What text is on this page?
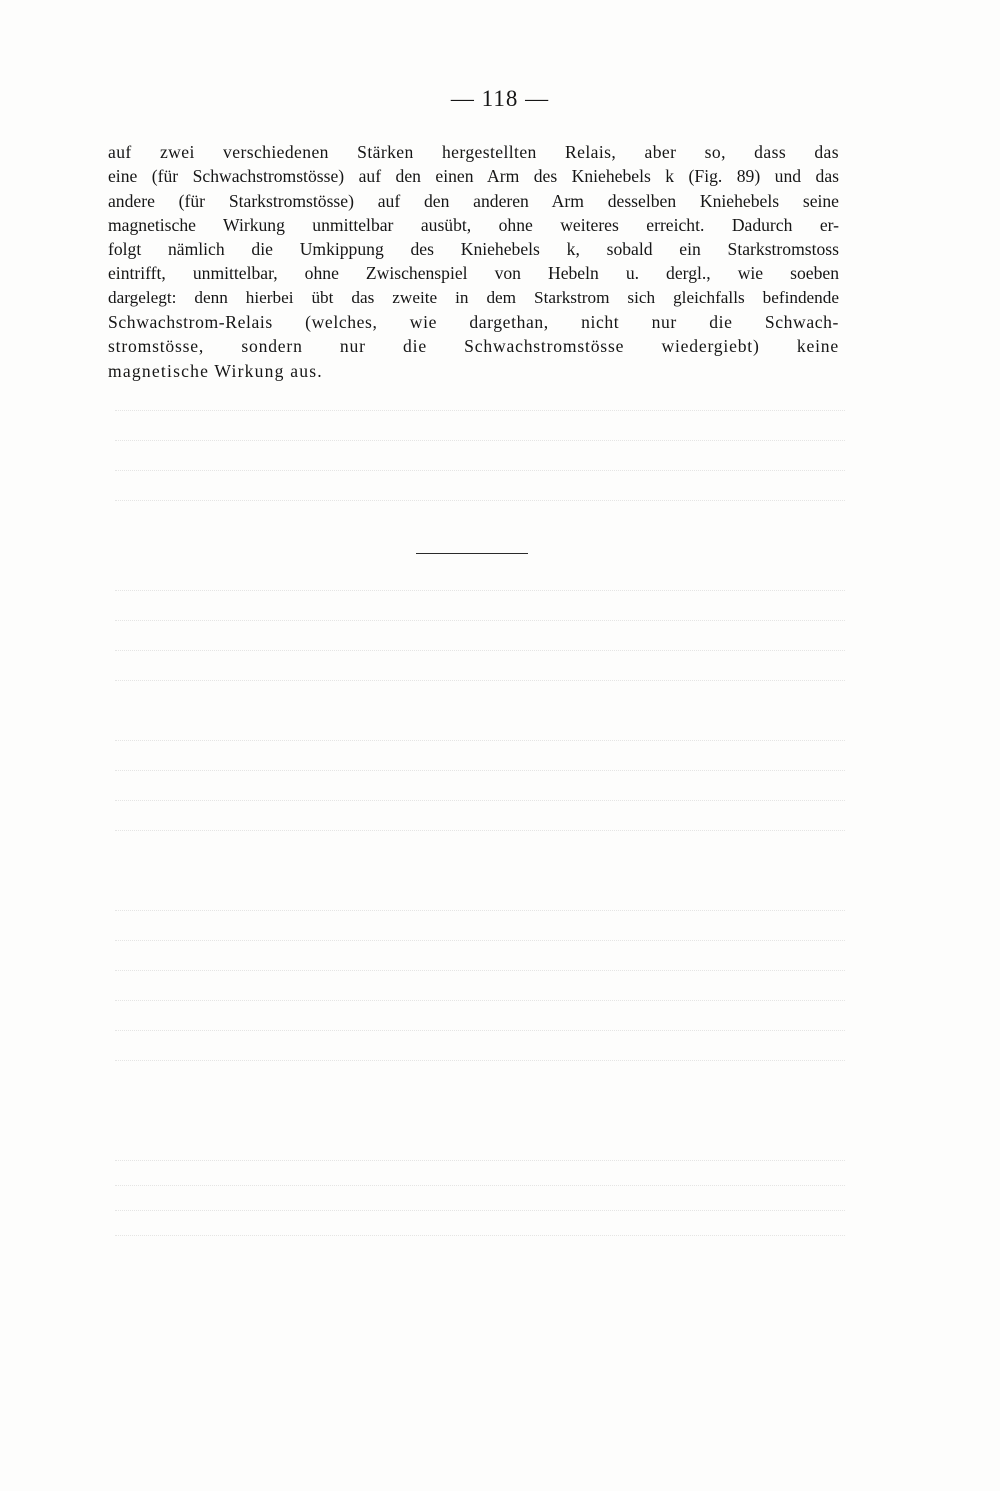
— 118 —
auf zwei verschiedenen Stärken hergestellten Relais, aber so, dass das
eine (für Schwachstromstösse) auf den einen Arm des Kniehebels k (Fig. 89) und das
andere (für Starkstromstösse) auf den anderen Arm desselben Kniehebels seine
magnetische Wirkung unmittelbar ausübt, ohne weiteres erreicht. Dadurch er-
folgt nämlich die Umkippung des Kniehebels k, sobald ein Starkstromstoss
eintrifft, unmittelbar, ohne Zwischenspiel von Hebeln u. dergl., wie soeben
dargelegt: denn hierbei übt das zweite in dem Starkstrom sich gleichfalls befindende
Schwachstrom-Relais (welches, wie dargethan, nicht nur die Schwach-
stromstösse, sondern nur die Schwachstromstösse wiedergiebt) keine
magnetische Wirkung aus.
